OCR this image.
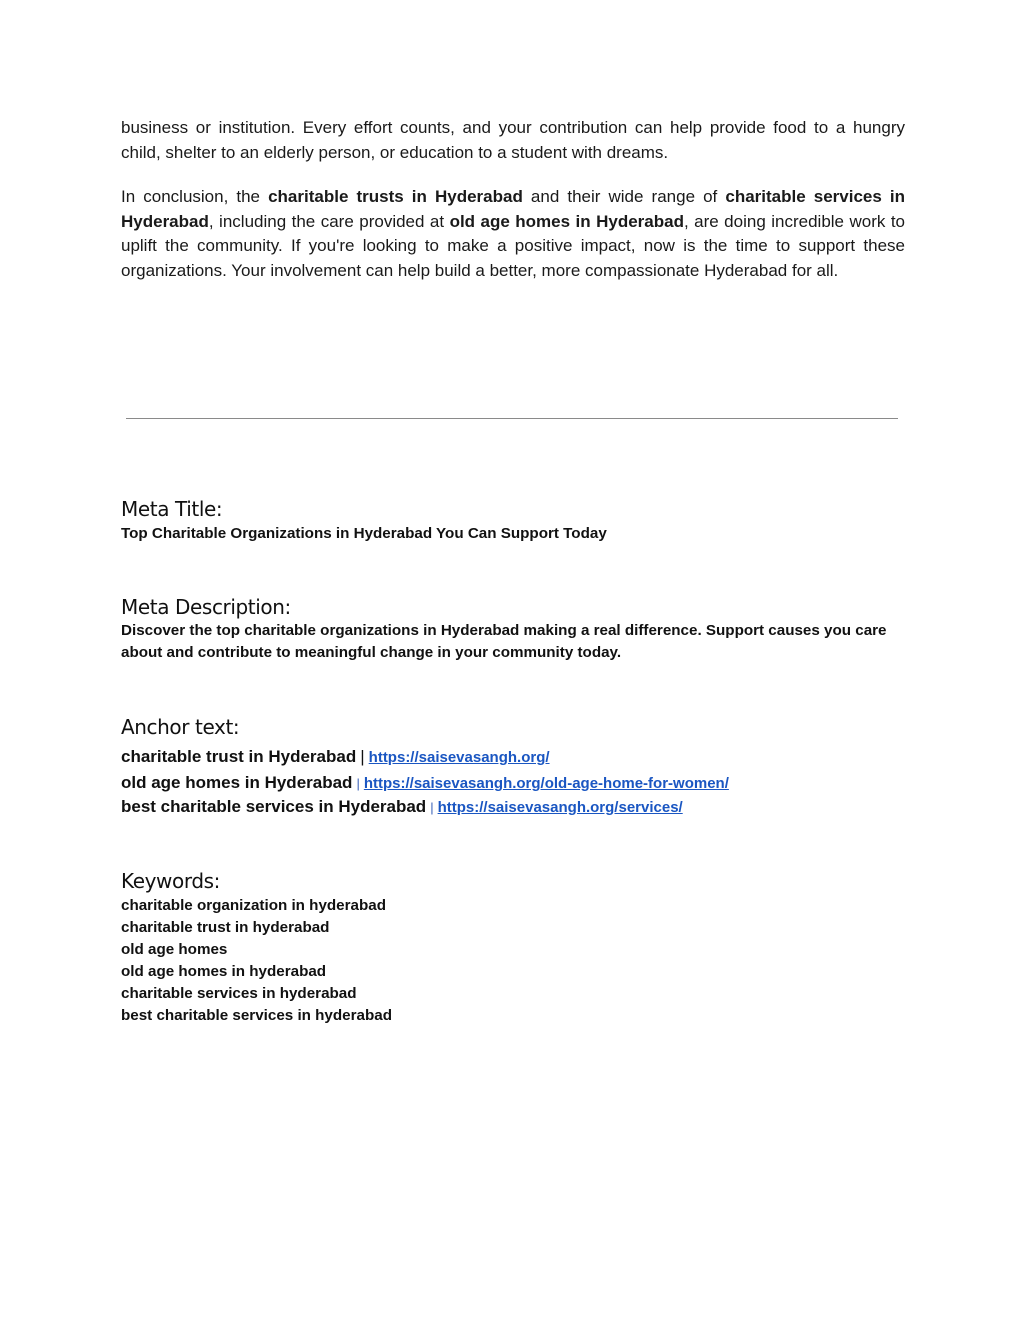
business or institution. Every effort counts, and your contribution can help provide food to a hungry child, shelter to an elderly person, or education to a student with dreams.

In conclusion, the charitable trusts in Hyderabad and their wide range of charitable services in Hyderabad, including the care provided at old age homes in Hyderabad, are doing incredible work to uplift the community. If you're looking to make a positive impact, now is the time to support these organizations. Your involvement can help build a better, more compassionate Hyderabad for all.

Meta Title:

Top Charitable Organizations in Hyderabad You Can Support Today

Meta Description:

Discover the top charitable organizations in Hyderabad making a real difference. Support causes you care about and contribute to meaningful change in your community today.

Anchor text:

charitable trust in Hyderabad | https://saisevasangh.org/

old age homes in Hyderabad | https://saisevasangh.org/old-age-home-for-women/

best charitable services in Hyderabad | https://saisevasangh.org/services/

Keywords:

charitable organization in hyderabad

charitable trust in hyderabad

old age homes

old age homes in hyderabad

charitable services in hyderabad

best charitable services in hyderabad
